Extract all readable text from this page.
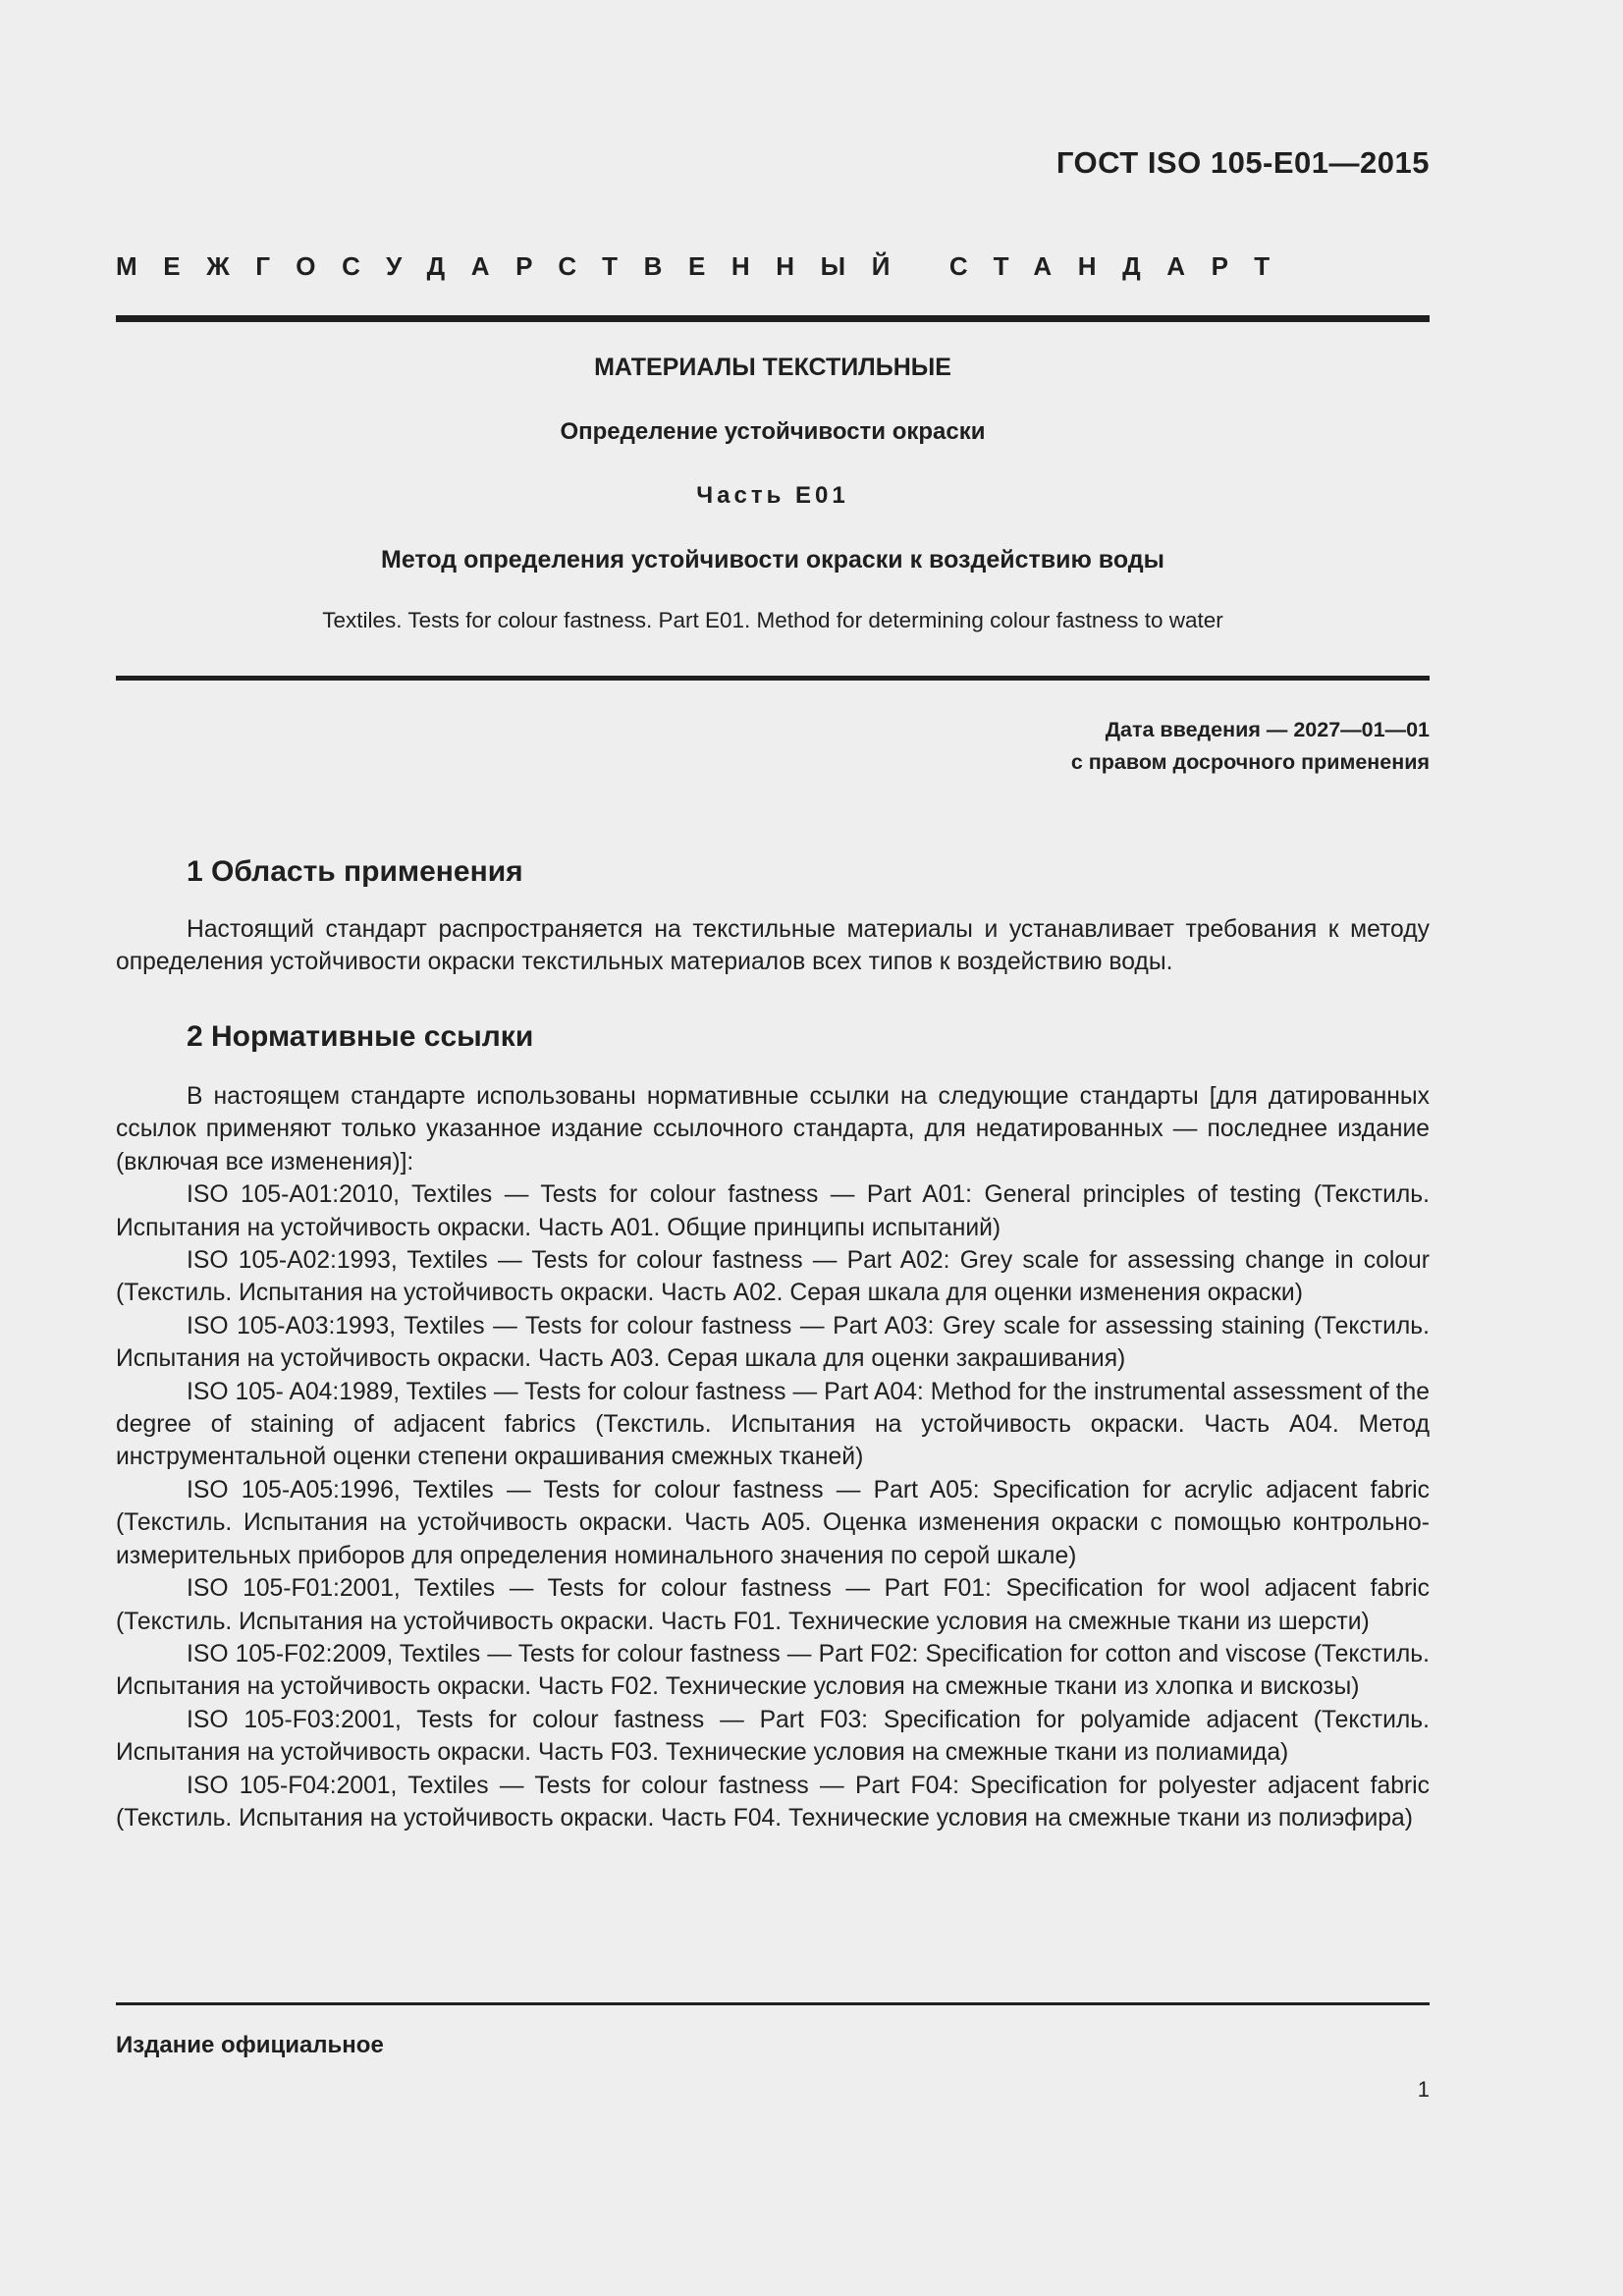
ГОСТ ISO 105-E01—2015
МЕЖГОСУДАРСТВЕННЫЙ СТАНДАРТ
МАТЕРИАЛЫ ТЕКСТИЛЬНЫЕ
Определение устойчивости окраски
Часть E01
Метод определения устойчивости окраски к воздействию воды
Textiles. Tests for colour fastness. Part E01. Method for determining colour fastness to water
Дата введения — 2027—01—01
с правом досрочного применения
1 Область применения

Настоящий стандарт распространяется на текстильные материалы и устанавливает требования к методу определения устойчивости окраски текстильных материалов всех типов к воздействию воды.

2 Нормативные ссылки

В настоящем стандарте использованы нормативные ссылки на следующие стандарты [для датированных ссылок применяют только указанное издание ссылочного стандарта, для недатированных — последнее издание (включая все изменения)]:

ISO 105-A01:2010, Textiles — Tests for colour fastness — Part A01: General principles of testing (Текстиль. Испытания на устойчивость окраски. Часть А01. Общие принципы испытаний)

ISO 105-A02:1993, Textiles — Tests for colour fastness — Part A02: Grey scale for assessing change in colour (Текстиль. Испытания на устойчивость окраски. Часть А02. Серая шкала для оценки изменения окраски)

ISO 105-A03:1993, Textiles — Tests for colour fastness — Part A03: Grey scale for assessing staining (Текстиль. Испытания на устойчивость окраски. Часть А03. Серая шкала для оценки закрашивания)

ISO 105- A04:1989, Textiles — Tests for colour fastness — Part A04: Method for the instrumental assessment of the degree of staining of adjacent fabrics (Текстиль. Испытания на устойчивость окраски. Часть А04. Метод инструментальной оценки степени окрашивания смежных тканей)

ISO 105-A05:1996, Textiles — Tests for colour fastness — Part A05: Specification for acrylic adjacent fabric (Текстиль. Испытания на устойчивость окраски. Часть А05. Оценка изменения окраски с помощью контрольно-измерительных приборов для определения номинального значения по серой шкале)

ISO 105-F01:2001, Textiles — Tests for colour fastness — Part F01: Specification for wool adjacent fabric (Текстиль. Испытания на устойчивость окраски. Часть F01. Технические условия на смежные ткани из шерсти)

ISO 105-F02:2009, Textiles — Tests for colour fastness — Part F02: Specification for cotton and viscose (Текстиль. Испытания на устойчивость окраски. Часть F02. Технические условия на смежные ткани из хлопка и вискозы)

ISO 105-F03:2001, Tests for colour fastness — Part F03: Specification for polyamide adjacent (Текстиль. Испытания на устойчивость окраски. Часть F03. Технические условия на смежные ткани из полиамида)

ISO 105-F04:2001, Textiles — Tests for colour fastness — Part F04: Specification for polyester adjacent fabric (Текстиль. Испытания на устойчивость окраски. Часть F04. Технические условия на смежные ткани из полиэфира)

Издание официальное
1
